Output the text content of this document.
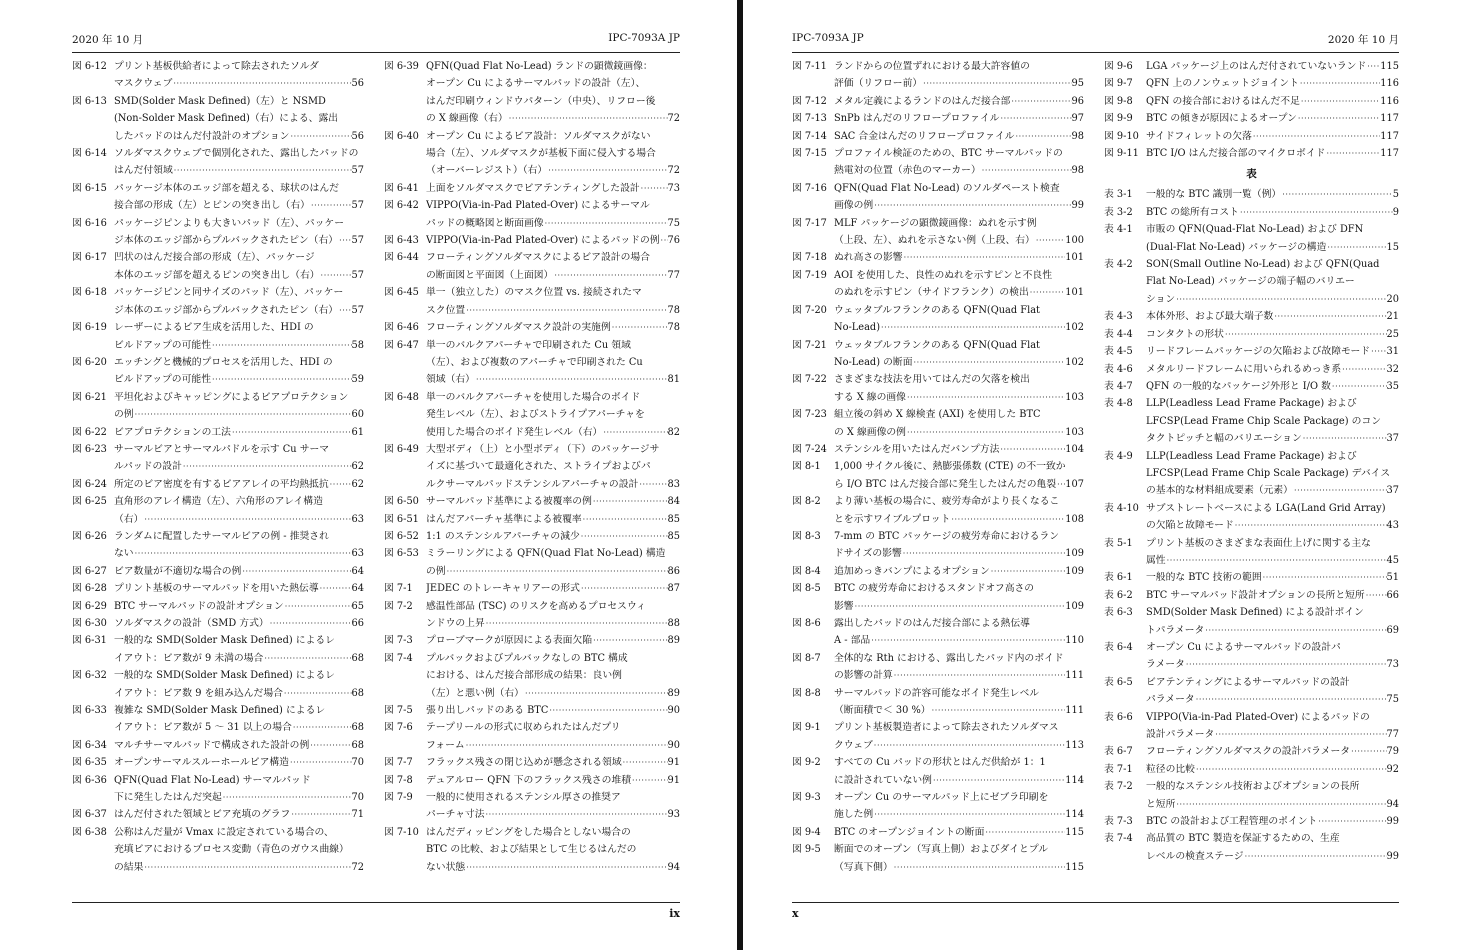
2020 年 10 月	IPC-7093A JP
図 6-12 プリント基板供給者によって除去されたソルダ
マスクウェブ ·····	56
図 6-13 SMD(Solder Mask Defined)（左）と NSMD
(Non-Solder Mask Defined)（右）による、露出
したパッドのはんだ付設計のオプション ·····	56
図 6-14 ソルダマスクウェブで個別化された、露出したパッドの
はんだ付領域 ·····	57
図 6-15 パッケージ本体のエッジ部を超える、球状のはんだ
接合部の形成（左）とピンの突き出し（右） ·····	57
図 6-16 パッケージピンよりも大きいパッド（左）、パッケー
ジ本体のエッジ部からプルバックされたピン（右） ····· 57
図 6-17 凹状のはんだ接合部の形成（左）、パッケージ
本体のエッジ部を超えるピンの突き出し（右） ·····	57
図 6-18 パッケージピンと同サイズのパッド（左）、パッケー
ジ本体のエッジ部からプルバックされたピン（右） ····· 57
図 6-19 レーザーによるビア生成を活用した、HDI の
ビルドアップの可能性 ·····	58
図 6-20 エッチングと機械的プロセスを活用した、HDI の
ビルドアップの可能性 ·····	59
図 6-21 平坦化およびキャッピングによるビアプロテクション
の例 ·····	60
図 6-22 ビアプロテクションの工法 ·····	61
図 6-23 サーマルビアとサーマルパドルを示す Cu サーマ
ルパッドの設計 ·····	62
図 6-24 所定のビア密度を有するビアアレイの平均熱抵抗 ····· 62
図 6-25 直角形のアレイ構造（左）、六角形のアレイ構造
（右） ·····	63
図 6-26 ランダムに配置したサーマルビアの例 - 推奨され
ない ·····	63
図 6-27 ビア数量が不適切な場合の例 ·····	64
図 6-28 プリント基板のサーマルパッドを用いた熱伝導 ·····	64
図 6-29 BTC サーマルパッドの設計オプション ·····	65
図 6-30 ソルダマスクの設計（SMD 方式） ·····	66
図 6-31 一般的な SMD(Solder Mask Defined) によるレ
イアウト：ビア数が 9 未満の場合 ·····	68
図 6-32 一般的な SMD(Solder Mask Defined) によるレ
イアウト：ビア数 9 を組み込んだ場合 ·····	68
図 6-33 複雑な SMD(Solder Mask Defined) によるレ
イアウト：ビア数が 5 ～ 31 以上の場合 ·····	68
図 6-34 マルチサーマルパッドで構成された設計の例 ·····	68
図 6-35 オープンサーマルスルーホールビア構造 ·····	70
図 6-36 QFN(Quad Flat No-Lead) サーマルパッド
下に発生したはんだ突起 ·····	70
図 6-37 はんだ付された領域とビア充填のグラフ ·····	71
図 6-38 公称はんだ量が Vmax に設定されている場合の、
充填ビアにおけるプロセス変動（青色のガウス曲線）
の結果 ·····	72
図 6-39 QFN(Quad Flat No-Lead) ランドの顕微鏡画像：
オープン Cu によるサーマルパッドの設計（左）、
はんだ印刷ウィンドウパターン（中央）、リフロー後
の X 線画像（右） ·····	72
図 6-40 オープン Cu によるビア設計：ソルダマスクがない
場合（左）、ソルダマスクが基板下面に侵入する場合
（オーバーレジスト）（右） ·····	72
図 6-41 上面をソルダマスクでビアテンティングした設計 ·····	73
図 6-42 VIPPO(Via-in-Pad Plated-Over) によるサーマル
パッドの概略図と断面画像 ·····	75
図 6-43 VIPPO(Via-in-Pad Plated-Over) によるパッドの例 ····· 76
図 6-44 フローティングソルダマスクによるビア設計の場合
の断面図と平面図（上面図） ·····	77
図 6-45 単一（独立した）のマスク位置 vs. 接続されたマ
スク位置 ·····	78
図 6-46 フローティングソルダマスク設計の実施例 ·····	78
図 6-47 単一のバルクアパーチャで印刷された Cu 領域
（左）、および複数のアパーチャで印刷された Cu
領域（右） ·····	81
図 6-48 単一のバルクアパーチャを使用した場合のボイド
発生レベル（左）、およびストライプアパーチャを
使用した場合のボイド発生レベル（右） ·····	82
図 6-49 大型ボディ（上）と小型ボディ（下）のパッケージサ
イズに基づいて最適化された、ストライプおよびパ
ルクサーマルパッドステンシルアパーチャの設計 ·····	83
図 6-50 サーマルパッド基準による被覆率の例 ·····	84
図 6-51 はんだアパーチャ基準による被覆率 ·····	85
図 6-52 1:1 のステンシルアパーチャの減少 ·····	85
図 6-53 ミラーリングによる QFN(Quad Flat No-Lead) 構造
の例 ·····	86
図 7-1	JEDEC のトレーキャリアーの形式 ·····	87
図 7-2	感温性部品 (TSC) のリスクを高めるプロセスウィ
ンドウの上昇 ·····	88
図 7-3	プローブマークが原因による表面欠陥 ·····	89
図 7-4	プルバックおよびプルバックなしの BTC 構成
における、はんだ接合部形成の結果：良い例
（左）と悪い例（右） ·····	89
図 7-5	張り出しパッドのある BTC ·····	90
図 7-6	テープリールの形式に収められたはんだプリ
フォーム ·····	90
図 7-7	フラックス残さの閉じ込めが懸念される領域 ·····	91
図 7-8	デュアルロー QFN 下のフラックス残さの堆積 ·····	91
図 7-9	一般的に使用されるステンシル厚さの推奨ア
パーチャ寸法 ·····	93
図 7-10 はんだディッピングをした場合としない場合の
BTC の比較、および結果として生じるはんだの
ない状態 ·····	94
ix
IPC-7093A JP	2020 年 10 月
図 7-11 ランドからの位置ずれにおける最大許容値の
評価（リフロー前） ·····	95
図 7-12 メタル定義によるランドのはんだ接合部 ·····	96
図 7-13 SnPb はんだのリフロープロファイル ·····	97
図 7-14 SAC 合金はんだのリフロープロファイル ·····	98
図 7-15 プロファイル検証のための、BTC サーマルパッドの
熱電対の位置（赤色のマーカー） ·····	98
図 7-16 QFN(Quad Flat No-Lead) のソルダペースト検査
画像の例 ·····	99
図 7-17 MLF パッケージの顕微鏡画像：ぬれを示す例
（上段、左）、ぬれを示さない例（上段、右） ·····	100
図 7-18 ぬれ高さの影響 ·····	101
図 7-19 AOI を使用した、良性のぬれを示すピンと不良性
のぬれを示すピン（サイドフランク）の検出 ·····	101
図 7-20 ウェッタブルフランクのある QFN(Quad Flat
No-Lead) ·····	102
図 7-21 ウェッタブルフランクのある QFN(Quad Flat
No-Lead) の断面 ·····	102
図 7-22 さまざまな技法を用いてはんだの欠落を検出
する X 線の画像 ·····	103
図 7-23 組立後の斜め X 線検査 (AXI) を使用した BTC
の X 線画像の例 ·····	103
図 7-24 ステンシルを用いたはんだバンプ方法 ·····	104
図 8-1	1,000 サイクル後に、熱膨張係数 (CTE) の不一致か
ら I/O BTC はんだ接合部に発生したはんだの亀裂 ····· 107
図 8-2	より薄い基板の場合に、疲労寿命がより長くなるこ
とを示すワイブルプロット ·····	108
図 8-3	7-mm の BTC パッケージの疲労寿命におけるラン
ドサイズの影響 ·····	109
図 8-4	追加めっきバンプによるオプション ·····	109
図 8-5	BTC の疲労寿命におけるスタンドオフ高さの
影響 ·····	109
図 8-6	露出したパッドのはんだ接合部による熱伝導
A - 部品 ·····	110
図 8-7	全体的な Rth における、露出したパッド内のボイド
の影響の計算 ·····	111
図 8-8	サーマルパッドの許容可能なボイド発生レベル
（断面積で＜ 30 %） ·····	111
図 9-1	プリント基板製造者によって除去されたソルダマス
クウェブ ·····	113
図 9-2	すべての Cu パッドの形状とはんだ供給が 1：1
に設計されていない例 ·····	114
図 9-3	オープン Cu のサーマルパッド上にゼブラ印刷を
施した例 ·····	114
図 9-4	BTC のオープンジョイントの断面 ·····	115
図 9-5	断面でのオープン（写真上側）およびダイとプル
（写真下側） ·····	115
図 9-6	LGA パッケージ上のはんだ付されていないランド ····· 115
図 9-7	QFN 上のノンウェットジョイント ·····	116
図 9-8	QFN の接合部におけるはんだ不足 ·····	116
図 9-9	BTC の傾きが原因によるオープン ·····	117
図 9-10 サイドフィレットの欠落 ·····	117
図 9-11 BTC I/O はんだ接合部のマイクロボイド ·····	117
表
表 3-1	一般的な BTC 識別一覧（例） ·····	5
表 3-2	BTC の総所有コスト ·····	9
表 4-1	市販の QFN(Quad-Flat No-Lead) および DFN
(Dual-Flat No-Lead) パッケージの構造 ·····	15
表 4-2	SON(Small Outline No-Lead) および QFN(Quad
Flat No-Lead) パッケージの端子幅のバリエー
ション ·····	20
表 4-3	本体外形、および最大端子数 ·····	21
表 4-4	コンタクトの形状 ·····	25
表 4-5	リードフレームパッケージの欠陥および故障モード ····· 31
表 4-6	メタルリードフレームに用いられるめっき系 ·····	32
表 4-7	QFN の一般的なパッケージ外形と I/O 数 ·····	35
表 4-8	LLP(Leadless Lead Frame Package) および
LFCSP(Lead Frame Chip Scale Package) のコン
タクトピッチと幅のバリエーション ·····	37
表 4-9	LLP(Leadless Lead Frame Package) および
LFCSP(Lead Frame Chip Scale Package) デバイス
の基本的な材料組成要素（元素） ·····	37
表 4-10 サブストレートベースによる LGA(Land Grid Array)
の欠陥と故障モード ·····	43
表 5-1	プリント基板のさまざまな表面仕上げに関する主な
属性 ·····	45
表 6-1	一般的な BTC 技術の範囲 ·····	51
表 6-2	BTC サーマルパッド設計オプションの長所と短所 ····· 66
表 6-3	SMD(Solder Mask Defined) による設計ポイン
トパラメータ ·····	69
表 6-4	オープン Cu によるサーマルパッドの設計パ
ラメータ ·····	73
表 6-5	ビアテンティングによるサーマルパッドの設計
パラメータ ·····	75
表 6-6	VIPPO(Via-in-Pad Plated-Over) によるパッドの
設計パラメータ ·····	77
表 6-7	フローティングソルダマスクの設計パラメータ ·····	79
表 7-1	粒径の比較 ·····	92
表 7-2	一般的なステンシル技術およびオプションの長所
と短所 ·····	94
表 7-3	BTC の設計および工程管理のポイント ·····	99
表 7-4	高品質の BTC 製造を保証するための、生産
レベルの検査ステージ ·····	99
x
